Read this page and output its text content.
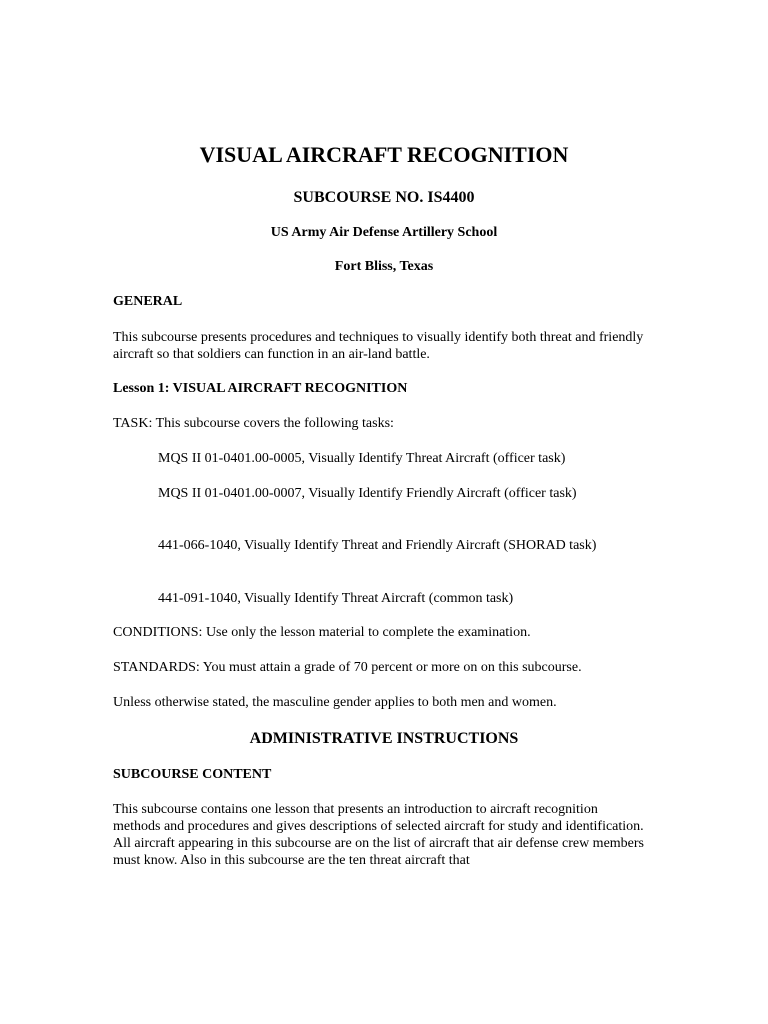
VISUAL AIRCRAFT RECOGNITION
SUBCOURSE NO. IS4400
US Army Air Defense Artillery School
Fort Bliss, Texas
GENERAL

This subcourse presents procedures and techniques to visually identify both threat and friendly aircraft so that soldiers can function in an air-land battle.

Lesson 1: VISUAL AIRCRAFT RECOGNITION

TASK: This subcourse covers the following tasks:

MQS II 01-0401.00-0005, Visually Identify Threat Aircraft (officer task)

MQS II 01-0401.00-0007, Visually Identify Friendly Aircraft (officer task)

441-066-1040, Visually Identify Threat and Friendly Aircraft (SHORAD task)

441-091-1040, Visually Identify Threat Aircraft (common task)

CONDITIONS: Use only the lesson material to complete the examination.

STANDARDS: You must attain a grade of 70 percent or more on on this subcourse.

Unless otherwise stated, the masculine gender applies to both men and women.

ADMINISTRATIVE INSTRUCTIONS
SUBCOURSE CONTENT

This subcourse contains one lesson that presents an introduction to aircraft recognition methods and procedures and gives descriptions of selected aircraft for study and identification. All aircraft appearing in this subcourse are on the list of aircraft that air defense crew members must know. Also in this subcourse are the ten threat aircraft that
